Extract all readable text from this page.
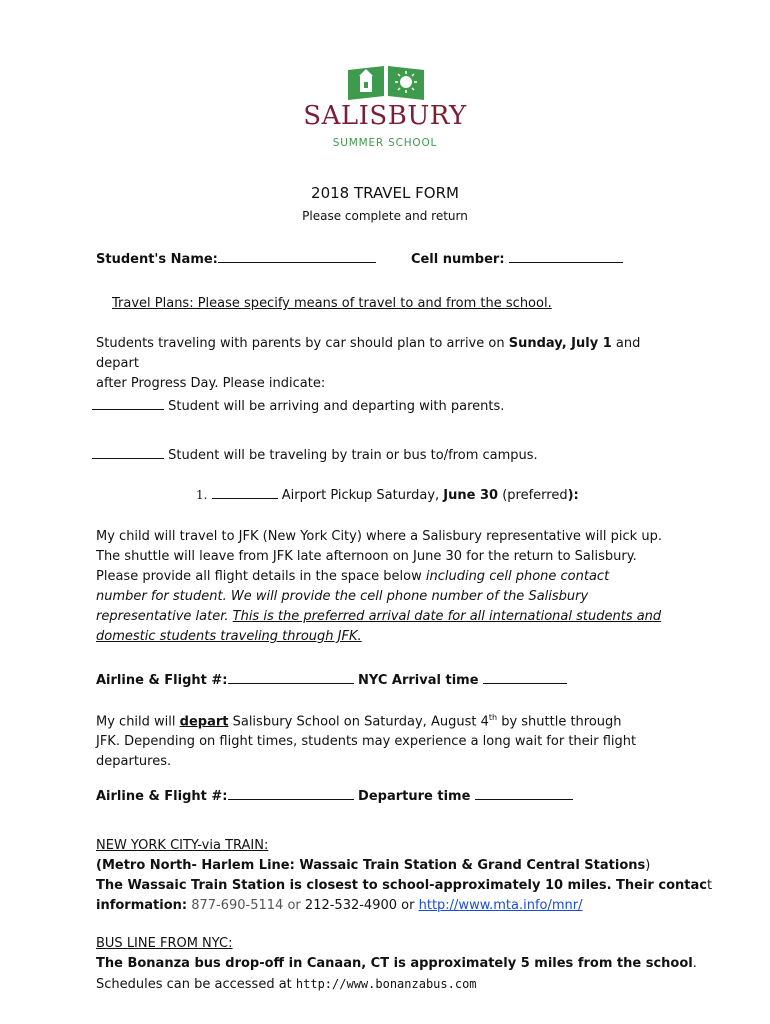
SALISBURY
SUMMER SCHOOL
2018 TRAVEL FORM
Please complete and return
Student's Name:	Cell number:
Travel Plans: Please specify means of travel to and from the school.
Students traveling with parents by car should plan to arrive on Sunday, July 1 and depart
after Progress Day. Please indicate:
Student will be arriving and departing with parents.
Student will be traveling by train or bus to/from campus.
1.	Airport Pickup Saturday, June 30 (preferred):
My child will travel to JFK (New York City) where a Salisbury representative will pick up.
The shuttle will leave from JFK late afternoon on June 30 for the return to Salisbury.
Please provide all flight details in the space below including cell phone contact
number for student. We will provide the cell phone number of the Salisbury
representative later. This is the preferred arrival date for all international students and
domestic students traveling through JFK.
Airline & Flight #:	NYC Arrival time
My child will depart Salisbury School on Saturday, August 4th by shuttle through
JFK. Depending on flight times, students may experience a long wait for their flight
departures.
Airline & Flight #:	Departure time
NEW YORK CITY-via TRAIN:
(Metro North- Harlem Line: Wassaic Train Station & Grand Central Stations)
The Wassaic Train Station is closest to school-approximately 10 miles. Their contact
information: 877-690-5114 or 212-532-4900 or http://www.mta.info/mnr/
BUS LINE FROM NYC:
The Bonanza bus drop-off in Canaan, CT is approximately 5 miles from the school.
Schedules can be accessed at http://www.bonanzabus.com
